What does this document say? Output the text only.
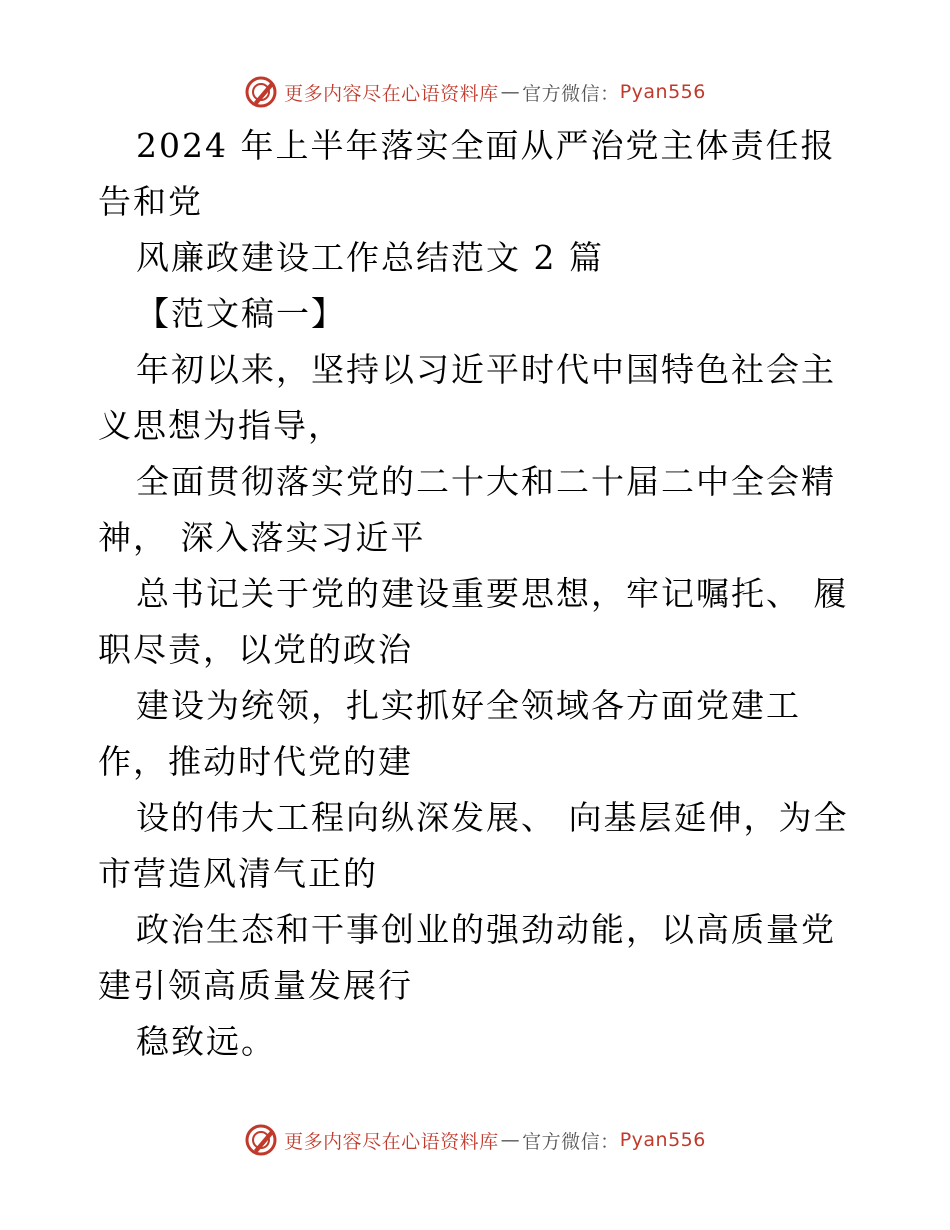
更多内容尽在心语资料库 — 官方微信： Pyan556

2024 年上半年落实全面从严治党主体责任报告和党

风廉政建设工作总结范文 2 篇

【范文稿一】

年初以来，坚持以习近平时代中国特色社会主义思想为指导，

全面贯彻落实党的二十大和二十届二中全会精神， 深入落实习近平

总书记关于党的建设重要思想，牢记嘱托、 履职尽责，以党的政治

建设为统领，扎实抓好全领域各方面党建工作，推动时代党的建

设的伟大工程向纵深发展、 向基层延伸，为全市营造风清气正的

政治生态和干事创业的强劲动能，以高质量党建引领高质量发展行

稳致远。

更多内容尽在心语资料库 — 官方微信： Pyan556
